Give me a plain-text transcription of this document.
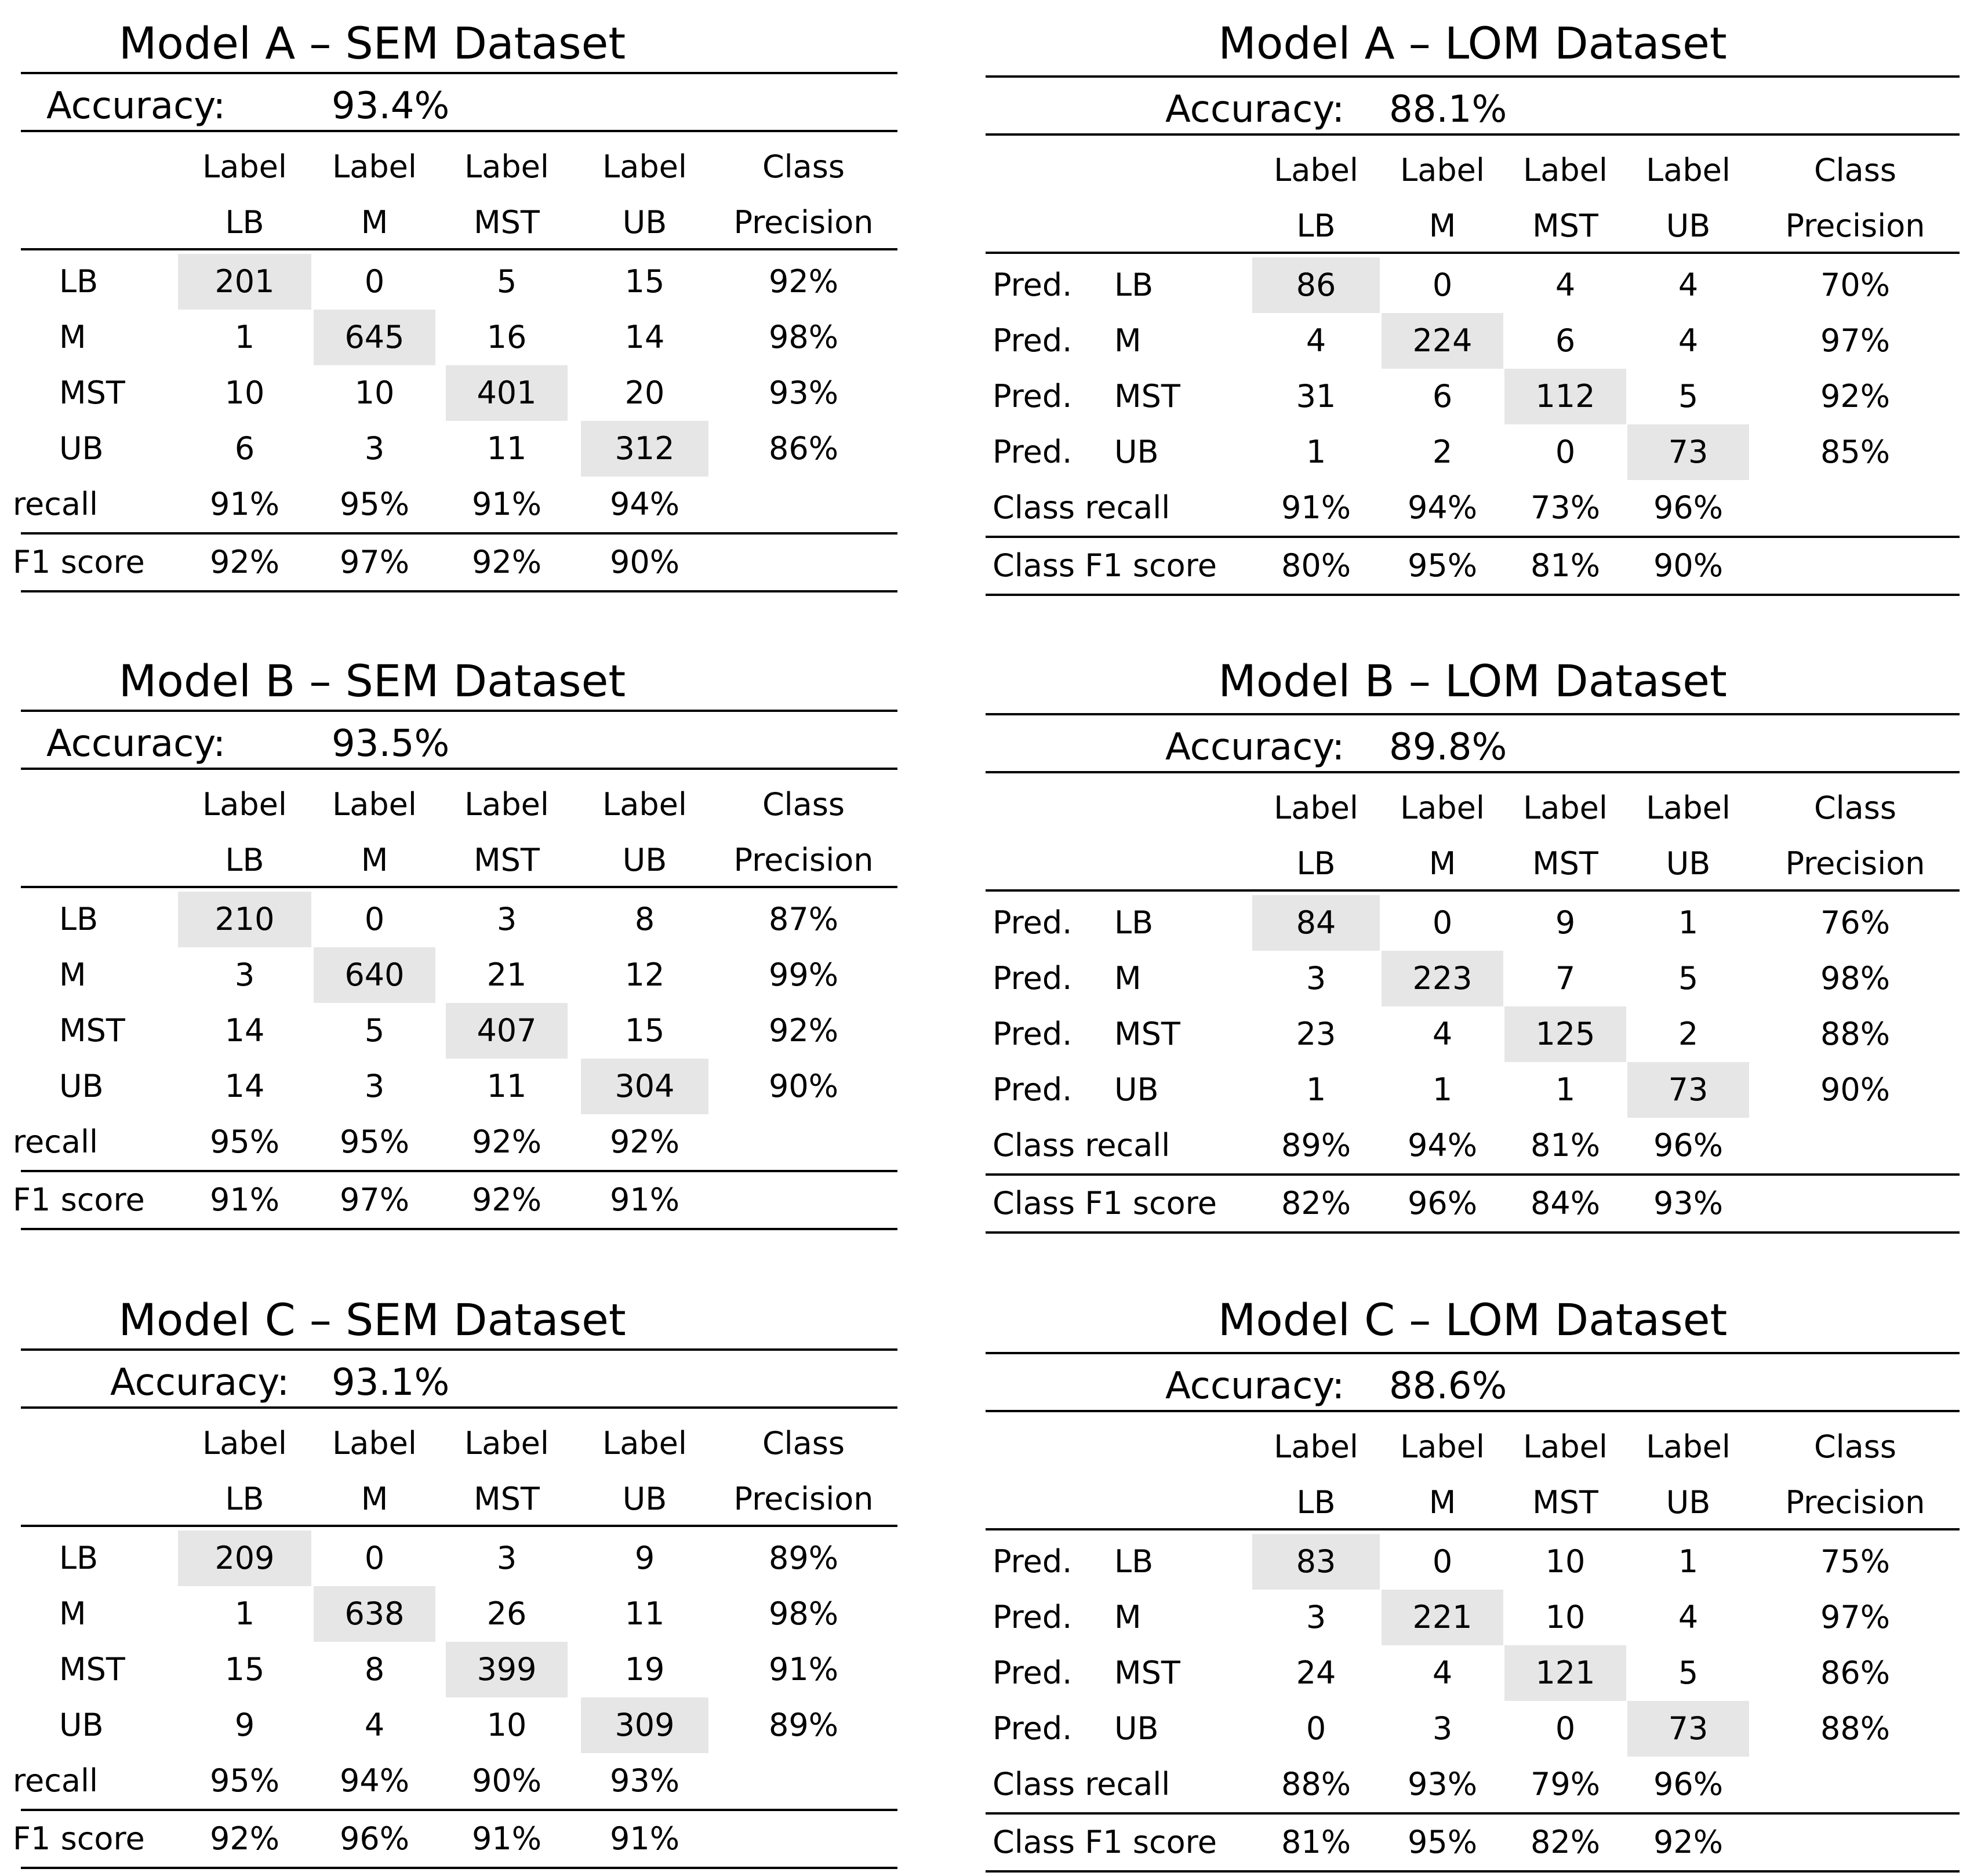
Model A – SEM Dataset
Accuracy:	93.4%
Label	Label	Label	Label	Class
LB	M	MST	UB	Precision
LB	201	0	5	15	92%
M	1	645	16	14	98%
MST	10	10	401	20	93%
UB	6	3	11	312	86%
recall	91%	95%	91%	94%
F1 score	92%	97%	92%	90%
Model A – LOM Dataset
Accuracy: 88.1%
Label	Label	Label	Label	Class
LB	M	MST	UB	Precision
Pred. LB	86	0	4	4	70%
Pred. M	4	224	6	4	97%
Pred. MST	31	6	112	5	92%
Pred. UB	1	2	0	73	85%
Class recall	91%	94%	73%	96%
Class F1 score	80%	95%	81%	90%
Model B – SEM Dataset
Accuracy:	93.5%
Label	Label	Label	Label	Class
LB	M	MST	UB	Precision
LB	210	0	3	8	87%
M	3	640	21	12	99%
MST	14	5	407	15	92%
UB	14	3	11	304	90%
recall	95%	95%	92%	92%
F1 score	91%	97%	92%	91%
Model B – LOM Dataset
Accuracy: 89.8%
Label	Label	Label	Label	Class
LB	M	MST	UB	Precision
Pred. LB	84	0	9	1	76%
Pred. M	3	223	7	5	98%
Pred. MST	23	4	125	2	88%
Pred. UB	1	1	1	73	90%
Class recall	89%	94%	81%	96%
Class F1 score	82%	96%	84%	93%
Model C – SEM Dataset
Accuracy: 93.1%
Label	Label	Label	Label	Class
LB	M	MST	UB	Precision
LB	209	0	3	9	89%
M	1	638	26	11	98%
MST	15	8	399	19	91%
UB	9	4	10	309	89%
recall	95%	94%	90%	93%
F1 score	92%	96%	91%	91%
Model C – LOM Dataset
Accuracy: 88.6%
Label	Label	Label	Label	Class
LB	M	MST	UB	Precision
Pred. LB	83	0	10	1	75%
Pred. M	3	221	10	4	97%
Pred. MST	24	4	121	5	86%
Pred. UB	0	3	0	73	88%
Class recall	88%	93%	79%	96%
Class F1 score	81%	95%	82%	92%
